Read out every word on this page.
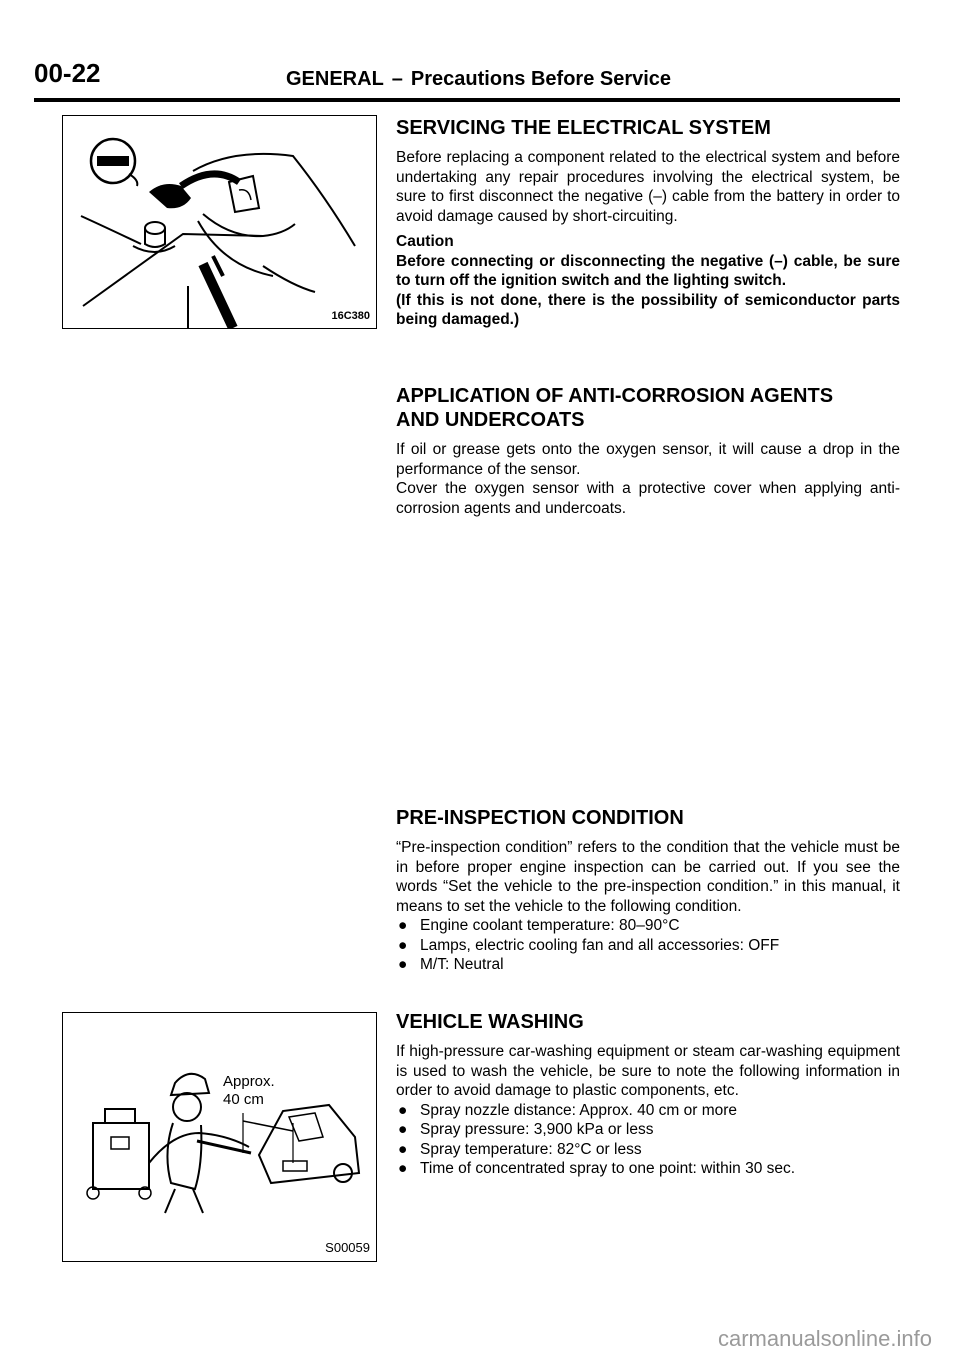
00-22	GENERAL – Precautions Before Service
16C380
SERVICING THE ELECTRICAL SYSTEM

Before replacing a component related to the electrical system and before undertaking any repair procedures involving the electrical system, be sure to first disconnect the negative (–) cable from the battery in order to avoid damage caused by short-circuiting.

Caution

Before connecting or disconnecting the negative (–) cable, be sure to turn off the ignition switch and the lighting switch.

(If this is not done, there is the possibility of semiconductor parts being damaged.)

APPLICATION OF ANTI-CORROSION AGENTS
AND UNDERCOATS

If oil or grease gets onto the oxygen sensor, it will cause a drop in the performance of the sensor.

Cover the oxygen sensor with a protective cover when applying anti-corrosion agents and undercoats.

PRE-INSPECTION CONDITION

“Pre-inspection condition” refers to the condition that the vehicle must be in before proper engine inspection can be carried out. If you see the words “Set the vehicle to the pre-inspection condition.” in this manual, it means to set the vehicle to the following condition.

● Engine coolant temperature: 80–90°C
● Lamps, electric cooling fan and all accessories: OFF
● M/T: Neutral
Approx.
40 cm
S00059
VEHICLE WASHING

If high-pressure car-washing equipment or steam car-washing equipment is used to wash the vehicle, be sure to note the following information in order to avoid damage to plastic components, etc.

● Spray nozzle distance: Approx. 40 cm or more
● Spray pressure: 3,900 kPa or less
● Spray temperature: 82°C or less
● Time of concentrated spray to one point: within 30 sec.
carmanualsonline.info
